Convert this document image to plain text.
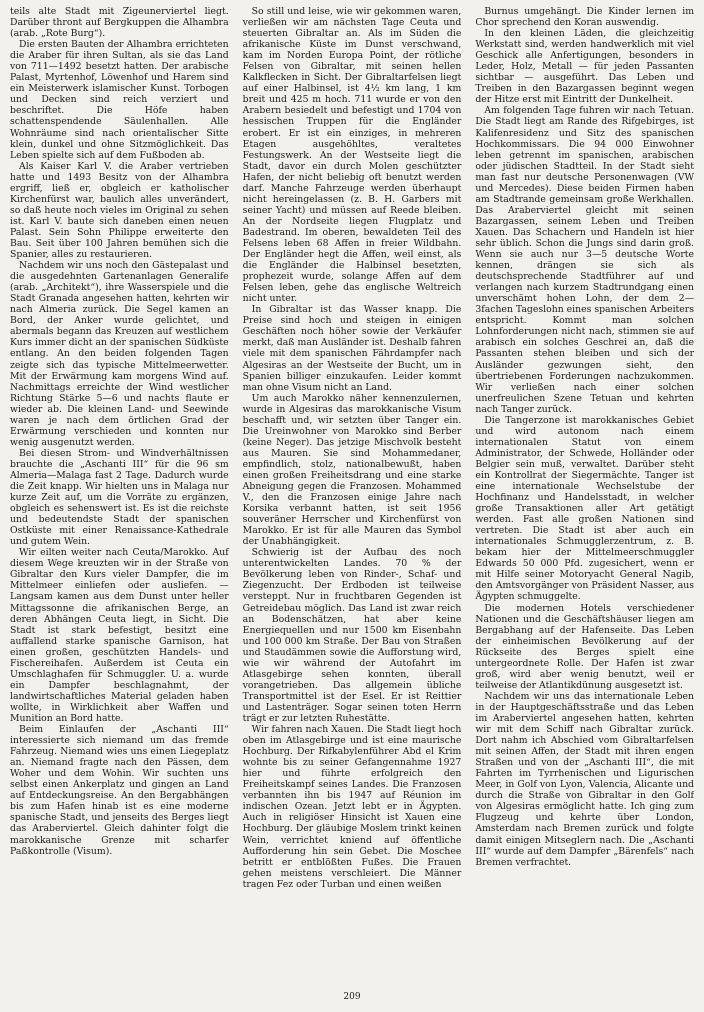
teils alte Stadt mit Zigeunerviertel liegt. Darüber thront auf Bergkuppen die Alhambra (arab. „Rote Burg“).

Die ersten Bauten der Alhambra errichteten die Araber für ihren Sultan, als sie das Land von 711—1492 besetzt hatten. Der arabische Palast, Myrtenhof, Löwenhof und Harem sind ein Meisterwerk islamischer Kunst. Torbogen und Decken sind reich verziert und beschriftet. Die Höfe haben schattenspendende Säulenhallen. Alle Wohnräume sind nach orientalischer Sitte klein, dunkel und ohne Sitzmöglichkeit. Das Leben spielte sich auf dem Fußboden ab.

Als Kaiser Karl V. die Araber vertrieben hatte und 1493 Besitz von der Alhambra ergriff, ließ er, obgleich er katholischer Kirchenfürst war, baulich alles unverändert, so daß heute noch vieles im Original zu sehen ist. Karl V. baute sich daneben einen neuen Palast. Sein Sohn Philippe erweiterte den Bau. Seit über 100 Jahren bemühen sich die Spanier, alles zu restaurieren.

Nachdem wir uns noch den Gästepalast und die ausgedehnten Gartenanlagen Generalife (arab. „Architekt“), ihre Wasserspiele und die Stadt Granada angesehen hatten, kehrten wir nach Almeria zurück. Die Segel kamen an Bord, der Anker wurde gelichtet, und abermals begann das Kreuzen auf westlichem Kurs immer dicht an der spanischen Südküste entlang. An den beiden folgenden Tagen zeigte sich das typische Mittelmeerwetter. Mit der Erwärmung kam morgens Wind auf. Nachmittags erreichte der Wind westlicher Richtung Stärke 5—6 und nachts flaute er wieder ab. Die kleinen Land- und Seewinde waren je nach dem örtlichen Grad der Erwärmung verschieden und konnten nur wenig ausgenutzt werden.

Bei diesen Strom- und Windverhältnissen brauchte die „Aschanti III“ für die 96 sm Almeria—Malaga fast 2 Tage. Dadurch wurde die Zeit knapp. Wir hielten uns in Malaga nur kurze Zeit auf, um die Vorräte zu ergänzen, obgleich es sehenswert ist. Es ist die reichste und bedeutendste Stadt der spanischen Ostküste mit einer Renaissance-Kathedrale und gutem Wein.

Wir eilten weiter nach Ceuta/Marokko. Auf diesem Wege kreuzten wir in der Straße von Gibraltar den Kurs vieler Dampfer, die im Mittelmeer einliefen oder ausliefen. — Langsam kamen aus dem Dunst unter heller Mittagssonne die afrikanischen Berge, an deren Abhängen Ceuta liegt, in Sicht. Die Stadt ist stark befestigt, besitzt eine auffallend starke spanische Garnison, hat einen großen, geschützten Handels- und Fischereihafen. Außerdem ist Ceuta ein Umschlaghafen für Schmuggler. U. a. wurde ein Dampfer beschlagnahmt, der landwirtschaftliches Material geladen haben wollte, in Wirklichkeit aber Waffen und Munition an Bord hatte.

Beim Einlaufen der „Aschanti III“ interessierte sich niemand um das fremde Fahrzeug. Niemand wies uns einen Liegeplatz an. Niemand fragte nach den Pässen, dem Woher und dem Wohin. Wir suchten uns selbst einen Ankerplatz und gingen an Land auf Entdeckungsreise. An den Bergabhängen bis zum Hafen hinab ist es eine moderne spanische Stadt, und jenseits des Berges liegt das Araberviertel. Gleich dahinter folgt die marokkanische Grenze mit scharfer Paßkontrolle (Visum).

So still und leise, wie wir gekommen waren, verließen wir am nächsten Tage Ceuta und steuerten Gibraltar an. Als im Süden die afrikanische Küste im Dunst verschwand, kam im Norden Europa Point, der rötliche Felsen von Gibraltar, mit seinen hellen Kalkflecken in Sicht. Der Gibraltarfelsen liegt auf einer Halbinsel, ist 4½ km lang, 1 km breit und 425 m hoch. 711 wurde er von den Arabern besiedelt und befestigt und 1704 von hessischen Truppen für die Engländer erobert. Er ist ein einziges, in mehreren Etagen ausgehöhltes, veraltetes Festungswerk. An der Westseite liegt die Stadt, davor ein durch Molen geschützter Hafen, der nicht beliebig oft benutzt werden darf. Manche Fahrzeuge werden überhaupt nicht hereingelassen (z. B. H. Garbers mit seiner Yacht) und müssen auf Reede bleiben. An der Nordseite liegen Flugplatz und Badestrand. Im oberen, bewaldeten Teil des Felsens leben 68 Affen in freier Wildbahn. Der Engländer hegt die Affen, weil einst, als die Engländer die Halbinsel besetzten, prophezeit wurde, solange Affen auf dem Felsen leben, gehe das englische Weltreich nicht unter.

In Gibraltar ist das Wasser knapp. Die Preise sind hoch und steigen in einigen Geschäften noch höher sowie der Verkäufer merkt, daß man Ausländer ist. Deshalb fahren viele mit dem spanischen Fährdampfer nach Algesiras an der Westseite der Bucht, um in Spanien billiger einzukaufen. Leider kommt man ohne Visum nicht an Land.

Um auch Marokko näher kennenzulernen, wurde in Algesiras das marokkanische Visum beschafft und, wir setzten über Tanger ein. Die Ureinwohner von Marokko sind Berber (keine Neger). Das jetzige Mischvolk besteht aus Mauren. Sie sind Mohammedaner, empfindlich, stolz, nationalbewußt, haben einen großen Freiheitsdrang und eine starke Abneigung gegen die Franzosen. Mohammed V., den die Franzosen einige Jahre nach Korsika verbannt hatten, ist seit 1956 souveräner Herrscher und Kirchenfürst von Marokko. Er ist für alle Mauren das Symbol der Unabhängigkeit.

Schwierig ist der Aufbau des noch unterentwickelten Landes. 70 % der Bevölkerung leben von Rinder-, Schaf- und Ziegenzucht. Der Erdboden ist teilweise versteppt. Nur in fruchtbaren Gegenden ist Getreidebau möglich. Das Land ist zwar reich an Bodenschätzen, hat aber keine Energiequellen und nur 1500 km Eisenbahn und 100 000 km Straße. Der Bau von Straßen und Staudämmen sowie die Aufforstung wird, wie wir während der Autofahrt im Atlasgebirge sehen konnten, überall vorangetrieben. Das allgemein übliche Transportmittel ist der Esel. Er ist Reittier und Lastenträger. Sogar seinen toten Herrn trägt er zur letzten Ruhestätte.

Wir fahren nach Xauen. Die Stadt liegt hoch oben im Atlasgebirge und ist eine maurische Hochburg. Der Rifkabylenführer Abd el Krim wohnte bis zu seiner Gefangennahme 1927 hier und führte erfolgreich den Freiheitskampf seines Landes. Die Franzosen verbannten ihn bis 1947 auf Réunion im indischen Ozean. Jetzt lebt er in Ägypten. Auch in religiöser Hinsicht ist Xauen eine Hochburg. Der gläubige Moslem trinkt keinen Wein, verrichtet kniend auf öffentliche Aufforderung hin sein Gebet. Die Moschee betritt er entblößten Fußes. Die Frauen gehen meistens verschleiert. Die Männer tragen Fez oder Turban und einen weißen

Burnus umgehängt. Die Kinder lernen im Chor sprechend den Koran auswendig.

In den kleinen Läden, die gleichzeitig Werkstatt sind, werden handwerklich mit viel Geschick alle Anfertigungen, besonders in Leder, Holz, Metall — für jeden Passanten sichtbar — ausgeführt. Das Leben und Treiben in den Bazargassen beginnt wegen der Hitze erst mit Eintritt der Dunkelheit.

Am folgenden Tage fuhren wir nach Tetuan. Die Stadt liegt am Rande des Rifgebirges, ist Kalifenresidenz und Sitz des spanischen Hochkommissars. Die 94 000 Einwohner leben getrennt im spanischen, arabischen oder jüdischen Stadtteil. In der Stadt sieht man fast nur deutsche Personenwagen (VW und Mercedes). Diese beiden Firmen haben am Stadtrande gemeinsam große Werkhallen. Das Araberviertel gleicht mit seinen Bazargassen, seinem Leben und Treiben Xauen. Das Schachern und Handeln ist hier sehr üblich. Schon die Jungs sind darin groß. Wenn sie auch nur 3—5 deutsche Worte kennen, drängen sie sich als deutschsprechende Stadtführer auf und verlangen nach kurzem Stadtrundgang einen unverschämt hohen Lohn, der dem 2—3fachen Tageslohn eines spanischen Arbeiters entspricht. Kommt man solchen Lohnforderungen nicht nach, stimmen sie auf arabisch ein solches Geschrei an, daß die Passanten stehen bleiben und sich der Ausländer gezwungen sieht, den übertriebenen Forderungen nachzukommen. Wir verließen nach einer solchen unerfreulichen Szene Tetuan und kehrten nach Tanger zurück.

Die Tangerzone ist marokkanisches Gebiet und wird autonom nach einem internationalen Statut von einem Administrator, der Schwede, Holländer oder Belgier sein muß, verwaltet. Darüber steht ein Kontrollrat der Siegermächte. Tanger ist eine internationale Wechselstube der Hochfinanz und Handelsstadt, in welcher große Transaktionen aller Art getätigt werden. Fast alle großen Nationen sind vertreten. Die Stadt ist aber auch ein internationales Schmugglerzentrum, z. B. bekam hier der Mittelmeerschmuggler Edwards 50 000 Pfd. zugesichert, wenn er mit Hilfe seiner Motoryacht General Nagib, den Amtsvorgänger von Präsident Nasser, aus Ägypten schmuggelte.

Die modernen Hotels verschiedener Nationen und die Geschäftshäuser liegen am Bergabhang auf der Hafenseite. Das Leben der einheimischen Bevölkerung auf der Rückseite des Berges spielt eine untergeordnete Rolle. Der Hafen ist zwar groß, wird aber wenig benutzt, weil er teilweise der Atlantikdünung ausgesetzt ist.

Nachdem wir uns das internationale Leben in der Hauptgeschäftsstraße und das Leben im Araberviertel angesehen hatten, kehrten wir mit dem Schiff nach Gibraltar zurück. Dort nahm ich Abschied vom Gibraltarfelsen mit seinen Affen, der Stadt mit ihren engen Straßen und von der „Aschanti III“, die mit Fahrten im Tyrrhenischen und Ligurischen Meer, in Golf von Lyon, Valencia, Alicante und durch die Straße von Gibraltar in den Golf von Algesiras ermöglicht hatte. Ich ging zum Flugzeug und kehrte über London, Amsterdam nach Bremen zurück und folgte damit einigen Mitseglern nach. Die „Aschanti III“ wurde auf dem Dampfer „Bärenfels“ nach Bremen verfrachtet.

209
